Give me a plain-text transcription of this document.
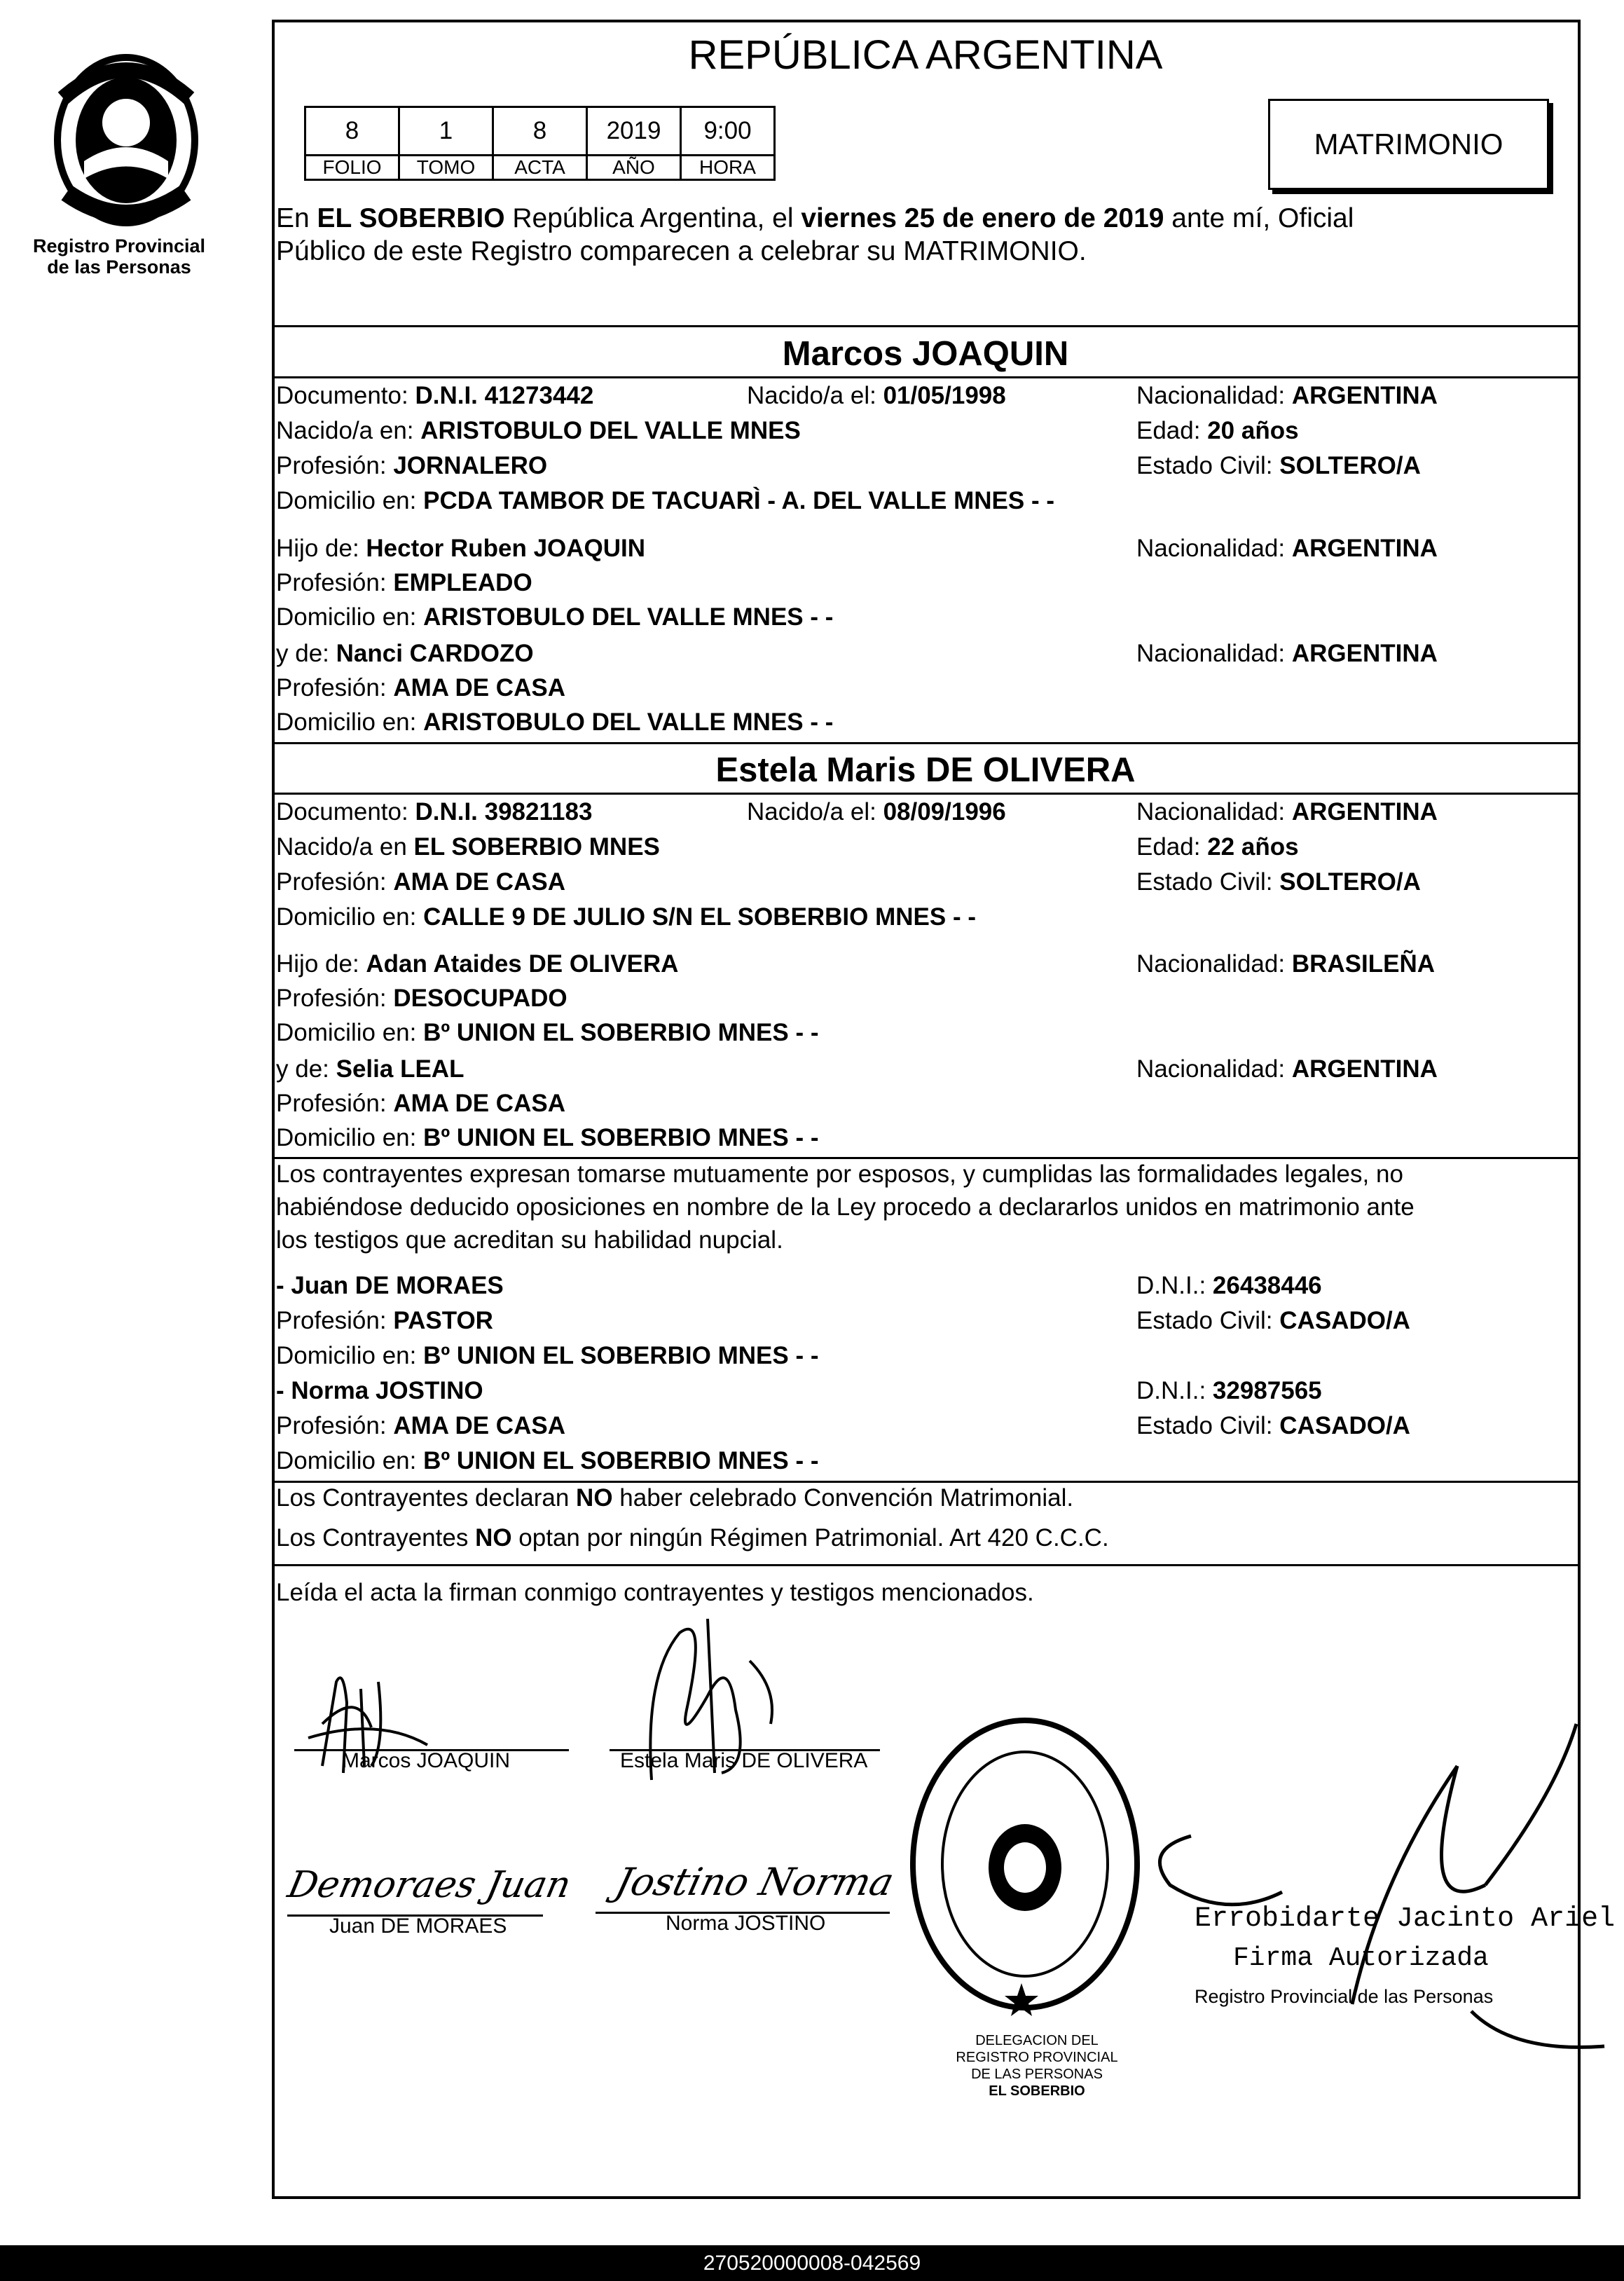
Registro Provincial
de las Personas
REPÚBLICA ARGENTINA
8	1	8	2019	9:00
FOLIO	TOMO	ACTA	AÑO	HORA
MATRIMONIO
En EL SOBERBIO República Argentina, el viernes 25 de enero de 2019 ante mí, Oficial
Público de este Registro comparecen a celebrar su MATRIMONIO.
Marcos JOAQUIN
Documento: D.N.I. 41273442	Nacido/a el: 01/05/1998	Nacionalidad: ARGENTINA
Nacido/a en: ARISTOBULO DEL VALLE MNES	Edad: 20 años
Profesión: JORNALERO	Estado Civil: SOLTERO/A
Domicilio en: PCDA TAMBOR DE TACUARÌ - A. DEL VALLE MNES - -
Hijo de: Hector Ruben JOAQUIN	Nacionalidad: ARGENTINA
Profesión: EMPLEADO
Domicilio en: ARISTOBULO DEL VALLE MNES - -
y de: Nanci CARDOZO	Nacionalidad: ARGENTINA
Profesión: AMA DE CASA
Domicilio en: ARISTOBULO DEL VALLE MNES - -
Estela Maris DE OLIVERA
Documento: D.N.I. 39821183	Nacido/a el: 08/09/1996	Nacionalidad: ARGENTINA
Nacido/a en EL SOBERBIO MNES	Edad: 22 años
Profesión: AMA DE CASA	Estado Civil: SOLTERO/A
Domicilio en: CALLE 9 DE JULIO S/N EL SOBERBIO MNES - -
Hijo de: Adan Ataides DE OLIVERA	Nacionalidad: BRASILEÑA
Profesión: DESOCUPADO
Domicilio en: Bº UNION EL SOBERBIO MNES - -
y de: Selia LEAL	Nacionalidad: ARGENTINA
Profesión: AMA DE CASA
Domicilio en: Bº UNION EL SOBERBIO MNES - -
Los contrayentes expresan tomarse mutuamente por esposos, y cumplidas las formalidades legales, no
habiéndose deducido oposiciones en nombre de la Ley procedo a declararlos unidos en matrimonio ante
los testigos que acreditan su habilidad nupcial.
- Juan DE MORAES	D.N.I.: 26438446
Profesión: PASTOR	Estado Civil: CASADO/A
Domicilio en: Bº UNION EL SOBERBIO MNES - -
- Norma JOSTINO	D.N.I.: 32987565
Profesión: AMA DE CASA	Estado Civil: CASADO/A
Domicilio en: Bº UNION EL SOBERBIO MNES - -
Los Contrayentes declaran NO haber celebrado Convención Matrimonial.
Los Contrayentes NO optan por ningún Régimen Patrimonial. Art 420 C.C.C.
Leída el acta la firman conmigo contrayentes y testigos mencionados.
Marcos JOAQUIN	Estela Maris DE OLIVERA
Demoraes Juan
Juan DE MORAES
Jostino Norma
Norma JOSTINO
DELEGACION DEL REGISTRO PROVINCIAL DE LAS PERSONAS
EL SOBERBIO
Errobidarte Jacinto Ariel
Firma Autorizada
Registro Provincial de las Personas
270520000008-042569
